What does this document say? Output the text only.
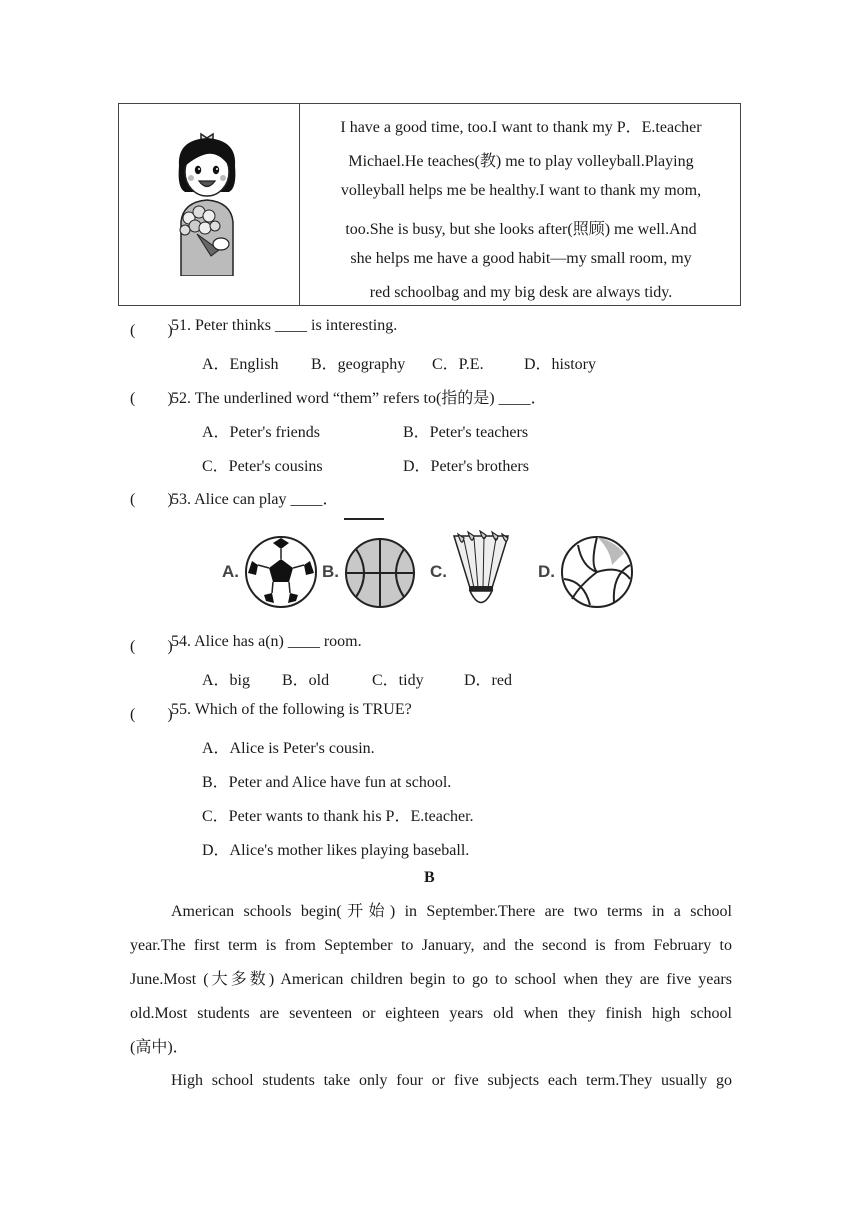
I have a good time, too.I want to thank my P．E.teacher
Michael.He teaches(教) me to play volleyball.Playing
volleyball helps me be healthy.I want to thank my mom,
too.She is busy, but she looks after(照顾) me well.And
she helps me have a good habit—my small room, my
red schoolbag and my big desk are always tidy.
(　　)
51. Peter thinks ____ is interesting.
A．English B．geography C．P.E.	D．history
(　　)
52. The underlined word “them” refers to(指的是) ____．
A．Peter's friends	B．Peter's teachers
C．Peter's cousins	D．Peter's brothers
(　　)
53. Alice can play ____．
A.	B.	C.	D.
(　　)
54. Alice has a(n) ____ room.
A．big B．old	C．tidy	D．red
(　　)
55. Which of the following is TRUE?
A．Alice is Peter's cousin.
B．Peter and Alice have fun at school.
C．Peter wants to thank his P．E.teacher.
D．Alice's mother likes playing baseball.
B
American schools begin(开始) in September.There are two terms in a school
year.The first term is from September to January, and the second is from February to
June.Most (大多数) American children begin to go to school when they are five years
old.Most students are seventeen or eighteen years old when they finish high school
(高中)．
High school students take only four or five subjects each term.They usually go
